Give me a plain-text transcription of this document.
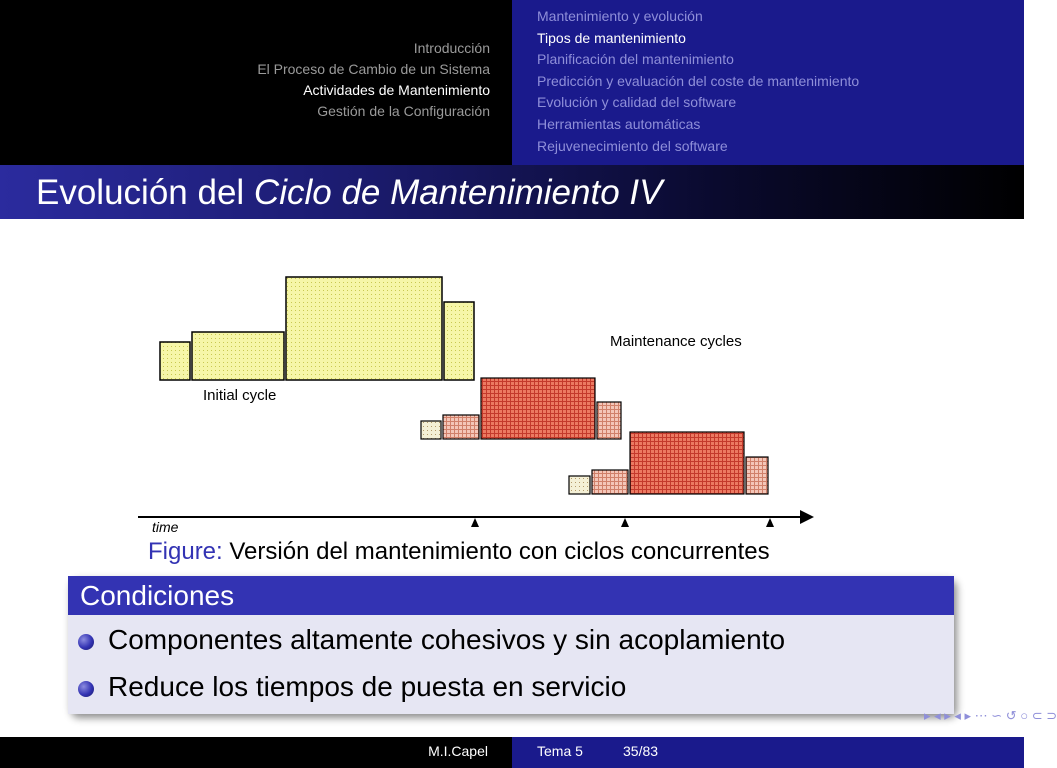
Introducción
El Proceso de Cambio de un Sistema
Actividades de Mantenimiento
Gestión de la Configuración
Mantenimiento y evolución
Tipos de mantenimiento
Planificación del mantenimiento
Predicción y evaluación del coste de mantenimiento
Evolución y calidad del software
Herramientas automáticas
Rejuvenecimiento del software
Evolución del Ciclo de Mantenimiento IV
Initial cycle
Maintenance cycles
time
Figure: Versión del mantenimiento con ciclos concurrentes
Condiciones
Componentes altamente cohesivos y sin acoplamiento
Reduce los tiempos de puesta en servicio
▸ ◂ ▸ ◂ ▸ ⋯ ∽ ↺ ○ ⊂ ⊃
M.I.Capel	Tema 5	35/83
